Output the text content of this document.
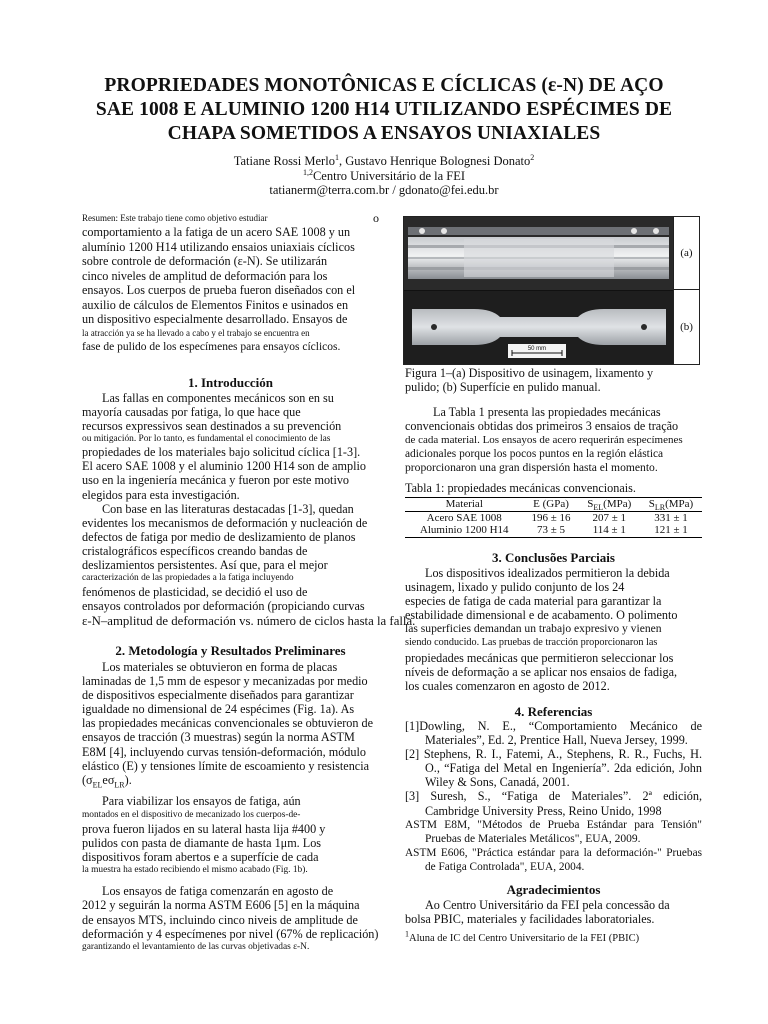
PROPRIEDADES MONOTÔNICAS E CÍCLICAS (ε-N) DE AÇO
SAE 1008 E ALUMINIO 1200 H14 UTILIZANDO ESPÉCIMES DE
CHAPA SOMETIDOS A ENSAYOS UNIAXIALES
Tatiane Rossi Merlo$^1$, Gustavo Henrique Bolognesi Donato$^2$
$^{1,2}$Centro Universitário de la FEI
tatianerm@terra.com.br / gdonato@fei.edu.br
Resumen: Este trabajo tiene como objetivo estudiar	o
comportamiento a la fatiga de un acero SAE 1008 y un
alumínio 1200 H14 utilizando ensaios uniaxiais cíclicos
sobre controle de deformación (ε-N). Se utilizarán
cinco niveles de amplitud de deformación para los
ensayos. Los cuerpos de prueba fueron diseñados con el
auxilio de cálculos de Elementos Finitos e usinados en
un dispositivo especialmente desarrollado. Ensayos de
la atracción ya se ha llevado a cabo y el trabajo se encuentra en
fase de pulido de los especímenes para ensayos cíclicos.
1. Introducción
Las fallas en componentes mecánicos son en su
mayoría causadas por fatiga, lo que hace que
recursos expressivos sean destinados a su prevención
ou mitigación. Por lo tanto, es fundamental el conocimiento de las
propiedades de los materiales bajo solicitud cíclica [1-3].
El acero SAE 1008 y el aluminio 1200 H14 son de amplio
uso en la ingeniería mecánica y fueron por este motivo
elegidos para esta investigación.
Con base en las literaturas destacadas [1-3], quedan
evidentes los mecanismos de deformación y nucleación de
defectos de fatiga por medio de deslizamiento de planos
cristalográficos específicos creando bandas de
deslizamientos persistentes. Así que, para el mejor
caracterización de las propiedades a la fatiga incluyendo
fenómenos de plasticidad, se decidió el uso de
ensayos controlados por deformación (propiciando curvas
ε-N–amplitud de deformación vs. número de ciclos hasta la falla.
2. Metodología y Resultados Preliminares
Los materiales se obtuvieron en forma de placas
laminadas de 1,5 mm de espesor y mecanizadas por medio
de dispositivos especialmente diseñados para garantizar
igualdade no dimensional de 24 espécimes (Fig. 1a). As
las propiedades mecánicas convencionales se obtuvieron de
ensayos de tracción (3 muestras) según la norma ASTM
E8M [4], incluyendo curvas tensión-deformación, módulo
elástico (E) y tensiones límite de escoamiento y resistencia
$(\sigma_{EL}e\sigma_{LR})$.
Para viabilizar los ensayos de fatiga, aún
montados en el dispositivo de mecanizado los cuerpos-de-
prova fueron lijados en su lateral hasta lija #400 y
pulidos con pasta de diamante de hasta 1μm. Los
dispositivos foram abertos e a superfície de cada
la muestra ha estado recibiendo el mismo acabado (Fig. 1b).
Los ensayos de fatiga comenzarán en agosto de
2012 y seguirán la norma ASTM E606 [5] en la máquina
de ensayos MTS, incluindo cinco niveis de amplitude de
deformación y 4 especímenes por nivel (67% de replicación)
garantizando el levantamiento de las curvas objetivadas ε-N.
50 mm
(a)
(b)
Figura 1–(a) Dispositivo de usinagem, lixamento y
pulido; (b) Superfície en pulido manual.
La Tabla 1 presenta las propiedades mecánicas
convencionais obtidas dos primeiros 3 ensaios de tração
de cada material. Los ensayos de acero requerirán especímenes
adicionales porque los pocos puntos en la región elástica
proporcionaron una gran dispersión hasta el momento.
Tabla 1: propiedades mecánicas convencionais.
Material	E (GPa)	$S_{EL}(MPa)$	$S_{LR}(MPa)$
Acero SAE 1008	196 ± 16	207 ± 1	331 ± 1
Aluminio 1200 H14	73 ± 5	114 ± 1	121 ± 1
3. Conclusões Parciais
Los dispositivos idealizados permitieron la debida
usinagem, lixado y pulido conjunto de los 24
especies de fatiga de cada material para garantizar la
estabilidade dimensional e de acabamento. O polimento
las superficies demandan un trabajo expresivo y vienen
siendo conducido. Las pruebas de tracción proporcionaron las
propiedades mecánicas que permitieron seleccionar los
níveis de deformação a se aplicar nos ensaios de fadiga,
los cuales comenzaron en agosto de 2012.
4. Referencias
[1]Dowling, N. E., “Comportamiento Mecánico de Materiales”, Ed. 2, Prentice Hall, Nueva Jersey, 1999.
[2] Stephens, R. I., Fatemi, A., Stephens, R. R., Fuchs, H. O., “Fatiga del Metal en Ingeniería”. 2da edición, John Wiley & Sons, Canadá, 2001.
[3] Suresh, S., “Fatiga de Materiales”. 2ª edición, Cambridge University Press, Reino Unido, 1998
ASTM E8M, "Métodos de Prueba Estándar para Tensión" Pruebas de Materiales Metálicos", EUA, 2009.
ASTM E606, "Práctica estándar para la deformación-" Pruebas de Fatiga Controlada", EUA, 2004.
Agradecimientos
Ao Centro Universitário da FEI pela concessão da
bolsa PBIC, materiales y facilidades laboratoriales.
$^1$Aluna de IC del Centro Universitario de la FEI (PBIC)
